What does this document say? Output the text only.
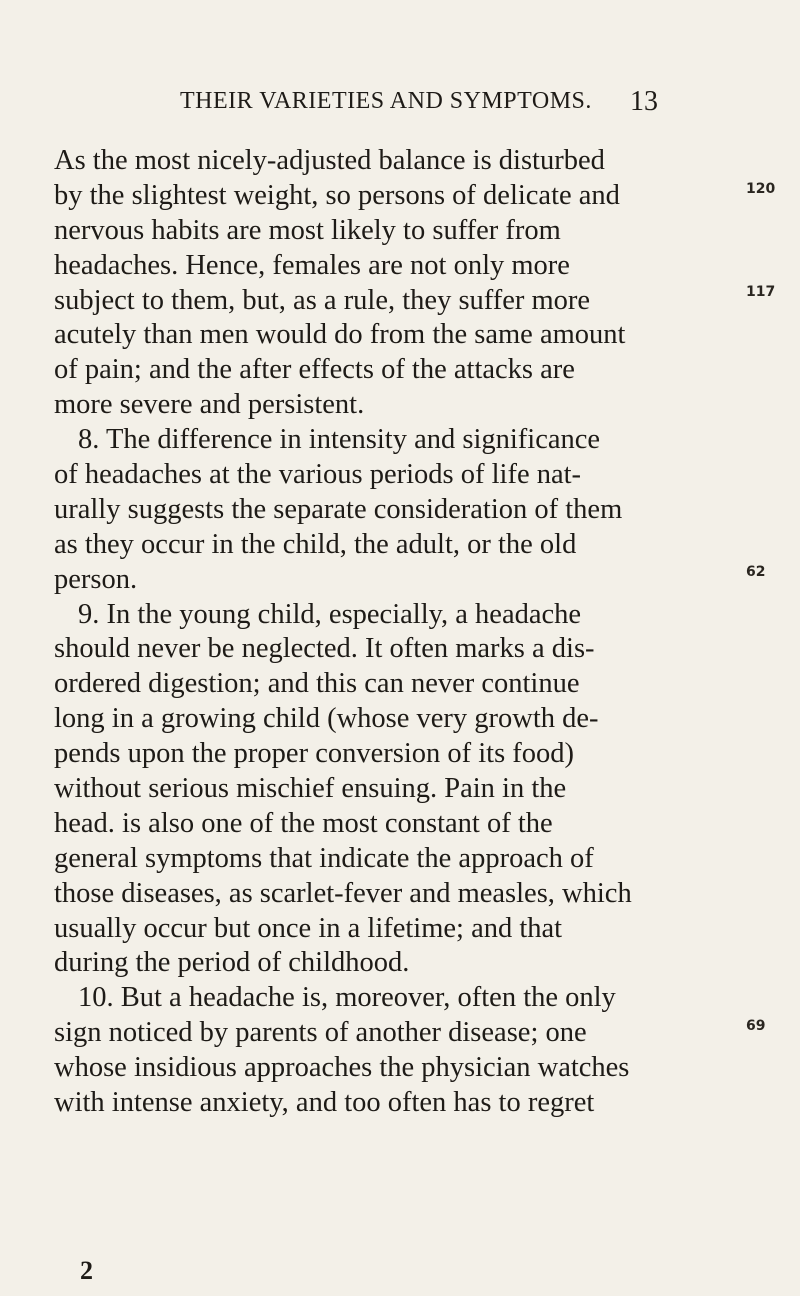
THEIR VARIETIES AND SYMPTOMS.	13
As the most nicely-adjusted balance is disturbed
by the slightest weight, so persons of delicate and
nervous habits are most likely to suffer from
headaches. Hence, females are not only more
subject to them, but, as a rule, they suffer more
acutely than men would do from the same amount
of pain; and the after effects of the attacks are
more severe and persistent.
8. The difference in intensity and significance
of headaches at the various periods of life nat-
urally suggests the separate consideration of them
as they occur in the child, the adult, or the old
person.
9. In the young child, especially, a headache
should never be neglected. It often marks a dis-
ordered digestion; and this can never continue
long in a growing child (whose very growth de-
pends upon the proper conversion of its food)
without serious mischief ensuing. Pain in the
head. is also one of the most constant of the
general symptoms that indicate the approach of
those diseases, as scarlet-fever and measles, which
usually occur but once in a lifetime; and that
during the period of childhood.
10. But a headache is, moreover, often the only
sign noticed by parents of another disease; one
whose insidious approaches the physician watches
with intense anxiety, and too often has to regret
120
117
62
69
2
